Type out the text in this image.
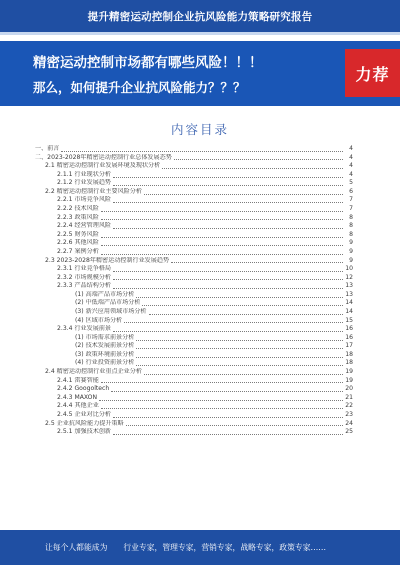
提升精密运动控制企业抗风险能力策略研究报告
精密运动控制市场都有哪些风险！！！
那么，如何提升企业抗风险能力？？？
力荐
内容目录
一、前言	4
二、2023-2028年精密运动控制行业总体发展态势	4
2.1 精密运动控制行业发展环境及现状分析	4
2.1.1 行业现状分析	4
2.1.2 行业发展趋势	5
2.2 精密运动控制行业主要风险分析	6
2.2.1 市场竞争风险	7
2.2.2 技术风险	7
2.2.3 政策风险	8
2.2.4 经营管理风险	8
2.2.5 财务风险	8
2.2.6 其他风险	9
2.2.7 案例分析	9
2.3 2023-2028年精密运动控制行业发展趋势	9
2.3.1 行业竞争格局	10
2.3.2 市场规模分析	12
2.3.3 产品结构分析	13
(1) 高端产品市场分析	13
(2) 中低端产品市场分析	14
(3) 新兴应用领域市场分析	14
(4) 区域市场分析	15
2.3.4 行业发展前景	16
(1) 市场需求前景分析	16
(2) 技术发展前景分析	17
(3) 政策环境前景分析	18
(4) 行业投资前景分析	18
2.4 精密运动控制行业重点企业分析	19
2.4.1 雷赛智能	19
2.4.2 Googoltech	20
2.4.3 MAXON	21
2.4.4 其他企业	22
2.4.5 企业对比分析	23
2.5 企业抗风险能力提升策略	24
2.5.1 加强技术创新	25
让每个人都能成为 行业专家，管理专家，营销专家，战略专家，政策专家……
